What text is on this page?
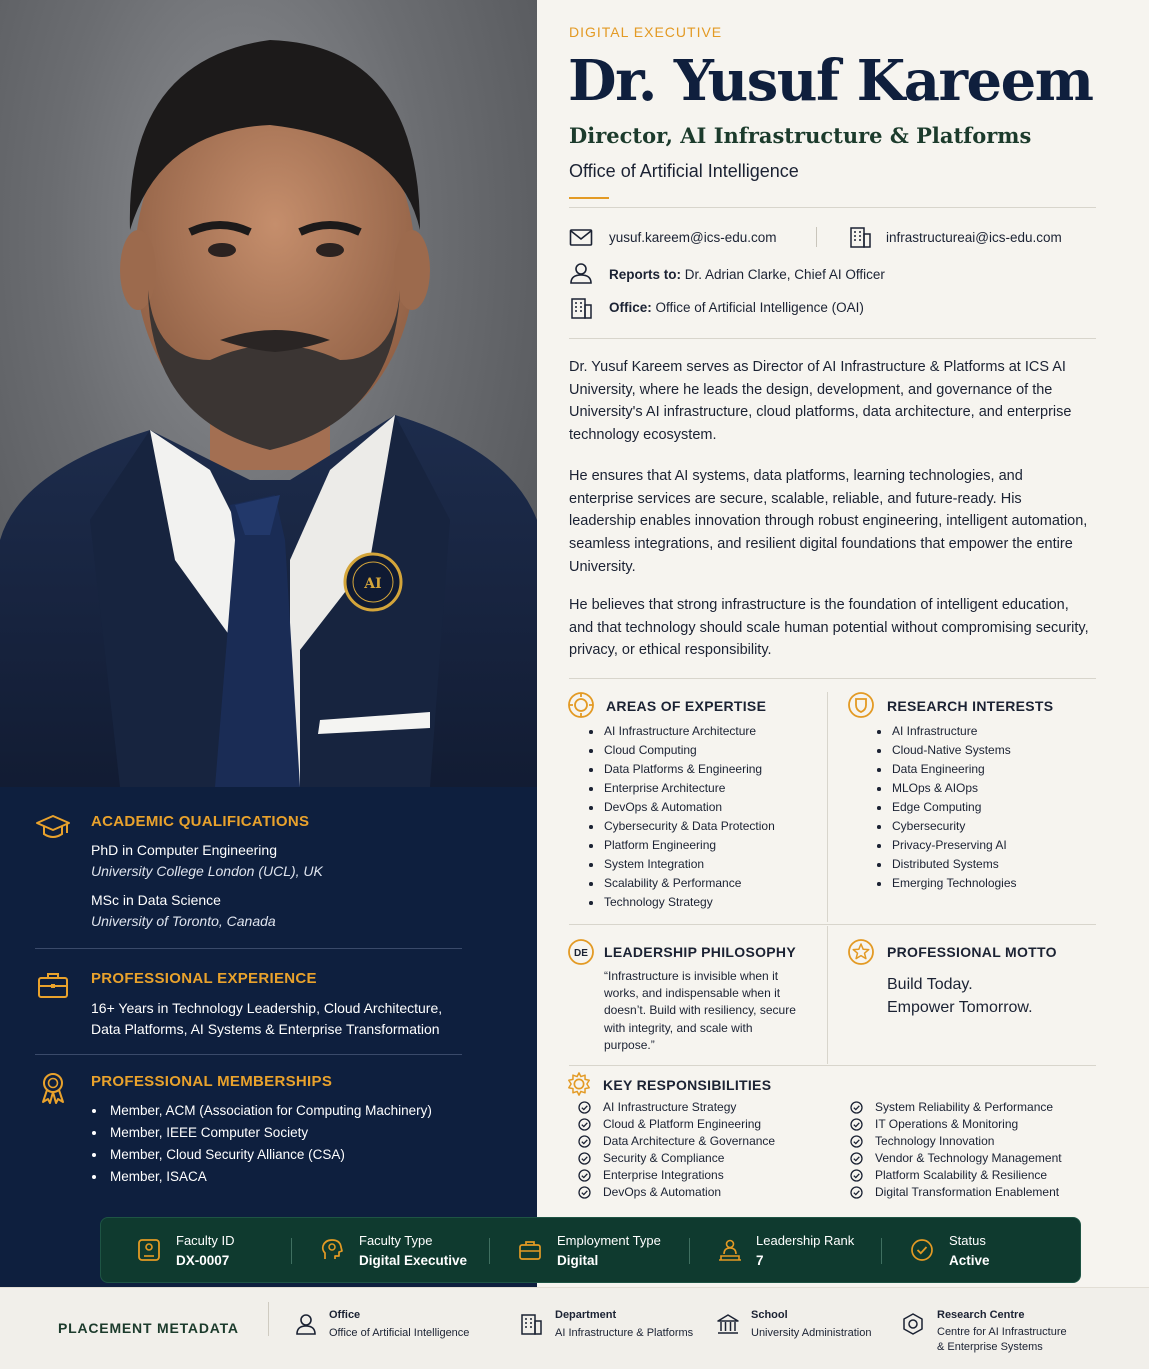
AI
ACADEMIC QUALIFICATIONS
PhD in Computer Engineering
University College London (UCL), UK
MSc in Data Science
University of Toronto, Canada
PROFESSIONAL EXPERIENCE
16+ Years in Technology Leadership, Cloud Architecture,
Data Platforms, AI Systems & Enterprise Transformation
PROFESSIONAL MEMBERSHIPS
Member, ACM (Association for Computing Machinery)
Member, IEEE Computer Society
Member, Cloud Security Alliance (CSA)
Member, ISACA
DIGITAL EXECUTIVE
Dr. Yusuf Kareem
Director, AI Infrastructure & Platforms
Office of Artificial Intelligence
yusuf.kareem@ics-edu.com	infrastructureai@ics-edu.com
Reports to: Dr. Adrian Clarke, Chief AI Officer
Office: Office of Artificial Intelligence (OAI)

Dr. Yusuf Kareem serves as Director of AI Infrastructure & Platforms at ICS AI University, where he leads the design, development, and governance of the University's AI infrastructure, cloud platforms, data architecture, and enterprise technology ecosystem.

He ensures that AI systems, data platforms, learning technologies, and enterprise services are secure, scalable, reliable, and future-ready. His leadership enables innovation through robust engineering, intelligent automation, seamless integrations, and resilient digital foundations that empower the entire University.

He believes that strong infrastructure is the foundation of intelligent education, and that technology should scale human potential without compromising security, privacy, or ethical responsibility.

AREAS OF EXPERTISE
AI Infrastructure Architecture
Cloud Computing
Data Platforms & Engineering
Enterprise Architecture
DevOps & Automation
Cybersecurity & Data Protection
Platform Engineering
System Integration
Scalability & Performance
Technology Strategy
RESEARCH INTERESTS
AI Infrastructure
Cloud-Native Systems
Data Engineering
MLOps & AIOps
Edge Computing
Cybersecurity
Privacy-Preserving AI
Distributed Systems
Emerging Technologies
DE LEADERSHIP PHILOSOPHY

“Infrastructure is invisible when it works, and indispensable when it doesn’t. Build with resiliency, secure with integrity, and scale with purpose.”

PROFESSIONAL MOTTO
Build Today.
Empower Tomorrow.
KEY RESPONSIBILITIES
AI Infrastructure Strategy
Cloud & Platform Engineering
Data Architecture & Governance
Security & Compliance
Enterprise Integrations
DevOps & Automation
System Reliability & Performance
IT Operations & Monitoring
Technology Innovation
Vendor & Technology Management
Platform Scalability & Resilience
Digital Transformation Enablement
Faculty ID
DX-0007
Faculty Type
Digital Executive
Employment Type
Digital
Leadership Rank
7
Status
Active
PLACEMENT METADATA
Office
Office of Artificial Intelligence
Department
AI Infrastructure & Platforms
School
University Administration
Research Centre
Centre for AI Infrastructure
& Enterprise Systems
